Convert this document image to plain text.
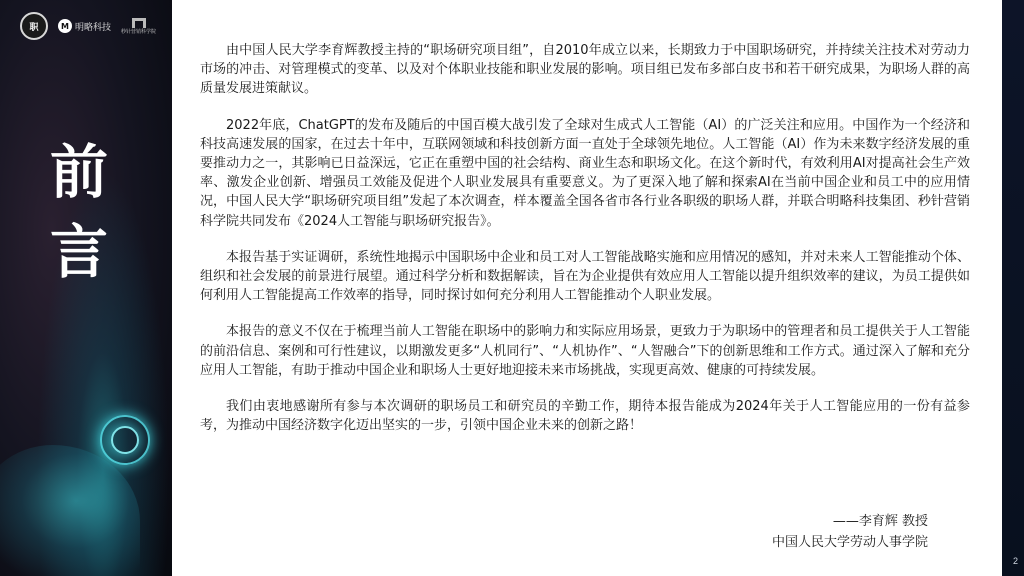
职	M 明略科技 秒针营销科学院
前
言

由中国人民大学李育辉教授主持的“职场研究项目组”，自2010年成立以来，长期致力于中国职场研究，并持续关注技术对劳动力市场的冲击、对管理模式的变革、以及对个体职业技能和职业发展的影响。项目组已发布多部白皮书和若干研究成果，为职场人群的高质量发展进策献议。

2022年底，ChatGPT的发布及随后的中国百模大战引发了全球对生成式人工智能（AI）的广泛关注和应用。中国作为一个经济和科技高速发展的国家，在过去十年中，互联网领域和科技创新方面一直处于全球领先地位。人工智能（AI）作为未来数字经济发展的重要推动力之一，其影响已日益深远，它正在重塑中国的社会结构、商业生态和职场文化。在这个新时代，有效利用AI对提高社会生产效率、激发企业创新、增强员工效能及促进个人职业发展具有重要意义。为了更深入地了解和探索AI在当前中国企业和员工中的应用情况，中国人民大学“职场研究项目组”发起了本次调查，样本覆盖全国各省市各行业各职级的职场人群，并联合明略科技集团、秒针营销科学院共同发布《2024人工智能与职场研究报告》。

本报告基于实证调研，系统性地揭示中国职场中企业和员工对人工智能战略实施和应用情况的感知，并对未来人工智能推动个体、组织和社会发展的前景进行展望。通过科学分析和数据解读，旨在为企业提供有效应用人工智能以提升组织效率的建议，为员工提供如何利用人工智能提高工作效率的指导，同时探讨如何充分利用人工智能推动个人职业发展。

本报告的意义不仅在于梳理当前人工智能在职场中的影响力和实际应用场景，更致力于为职场中的管理者和员工提供关于人工智能的前沿信息、案例和可行性建议，以期激发更多“人机同行”、“人机协作”、“人智融合”下的创新思维和工作方式。通过深入了解和充分应用人工智能，有助于推动中国企业和职场人士更好地迎接未来市场挑战，实现更高效、健康的可持续发展。

我们由衷地感谢所有参与本次调研的职场员工和研究员的辛勤工作，期待本报告能成为2024年关于人工智能应用的一份有益参考，为推动中国经济数字化迈出坚实的一步，引领中国企业未来的创新之路！

——李育辉 教授
中国人民大学劳动人事学院
2
